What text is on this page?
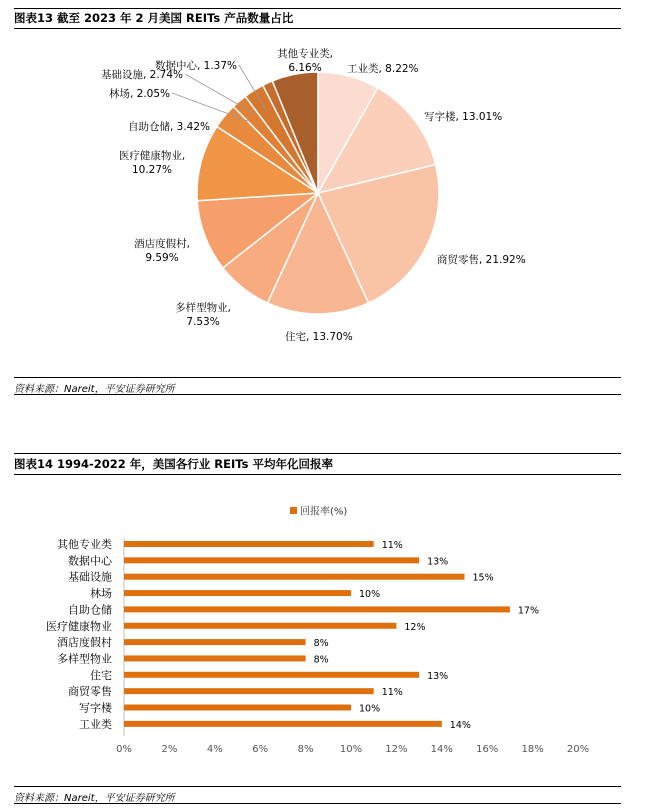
图表13 截至 2023 年 2 月美国 REITs 产品数量占比
工业类, 8.22%
写字楼, 13.01%
商贸零售, 21.92%
住宅, 13.70%
多样型物业, 7.53%
酒店度假村, 9.59%
医疗健康物业, 10.27%
自助仓储, 3.42%
林场, 2.05%
基础设施, 2.74%
数据中心, 1.37%
其他专业类, 6.16%
资料来源：Nareit，平安证券研究所
图表14 1994-2022 年，美国各行业 REITs 平均年化回报率
回报率(%)
其他专业类	11%
数据中心	13%
基础设施	15%
林场	10%
自助仓储	17%
医疗健康物业	12%
酒店度假村	8%
多样型物业	8%
住宅	13%
商贸零售	11%
写字楼	10%
工业类	14%
0%	2%	4%	6%	8%	10% 12% 14% 16% 18% 20%
资料来源：Nareit，平安证券研究所
